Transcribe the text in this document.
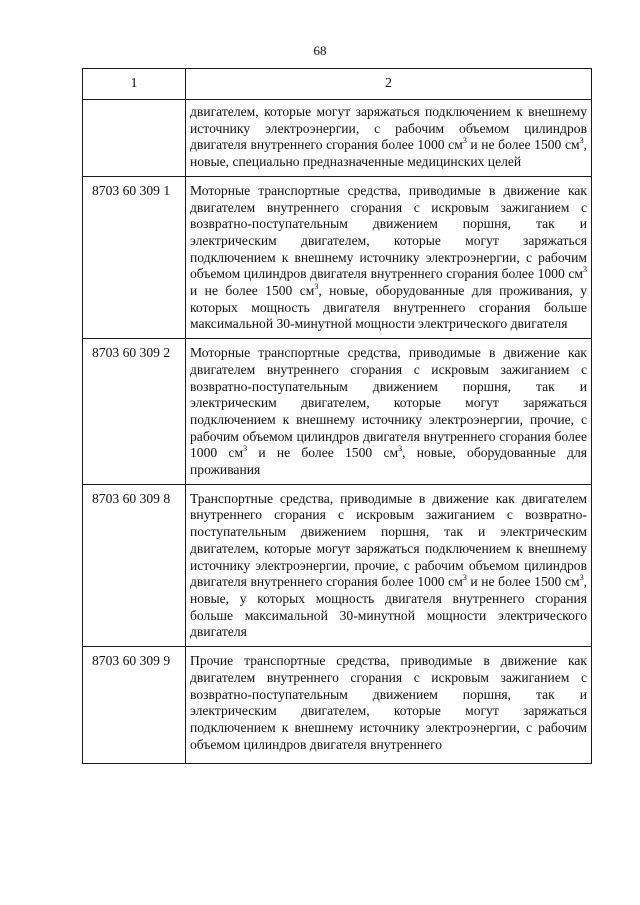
68
1	2

	двигателем, которые могут заряжаться подключением к внешнему источнику электроэнергии, с рабочим объемом цилиндров двигателя внутреннего сгорания более 1000 $см^3$ и не более 1500 $см^3$, новые, специально предназначенные медицинских целей

8703 60 309 1	Моторные транспортные средства, приводимые в движение как двигателем внутреннего сгорания с искровым зажиганием с возвратно-поступательным движением поршня, так и электрическим двигателем, которые могут заряжаться подключением к внешнему источнику электроэнергии, с рабочим объемом цилиндров двигателя внутреннего сгорания более 1000 $см^3$ и не более 1500 $см^3$, новые, оборудованные для проживания, у которых мощность двигателя внутреннего сгорания больше максимальной 30-минутной мощности электрического двигателя

8703 60 309 2	Моторные транспортные средства, приводимые в движение как двигателем внутреннего сгорания с искровым зажиганием с возвратно-поступательным движением поршня, так и электрическим двигателем, которые могут заряжаться подключением к внешнему источнику электроэнергии, прочие, с рабочим объемом цилиндров двигателя внутреннего сгорания более 1000 $см^3$ и не более 1500 $см^3$, новые, оборудованные для проживания

8703 60 309 8	Транспортные средства, приводимые в движение как двигателем внутреннего сгорания с искровым зажиганием с возвратно-поступательным движением поршня, так и электрическим двигателем, которые могут заряжаться подключением к внешнему источнику электроэнергии, прочие, с рабочим объемом цилиндров двигателя внутреннего сгорания более 1000 $см^3$ и не более 1500 $см^3$, новые, у которых мощность двигателя внутреннего сгорания больше максимальной 30-минутной мощности электрического двигателя

8703 60 309 9	Прочие транспортные средства, приводимые в движение как двигателем внутреннего сгорания с искровым зажиганием с возвратно-поступательным движением поршня, так и электрическим двигателем, которые могут заряжаться подключением к внешнему источнику электроэнергии, с рабочим объемом цилиндров двигателя внутреннего
